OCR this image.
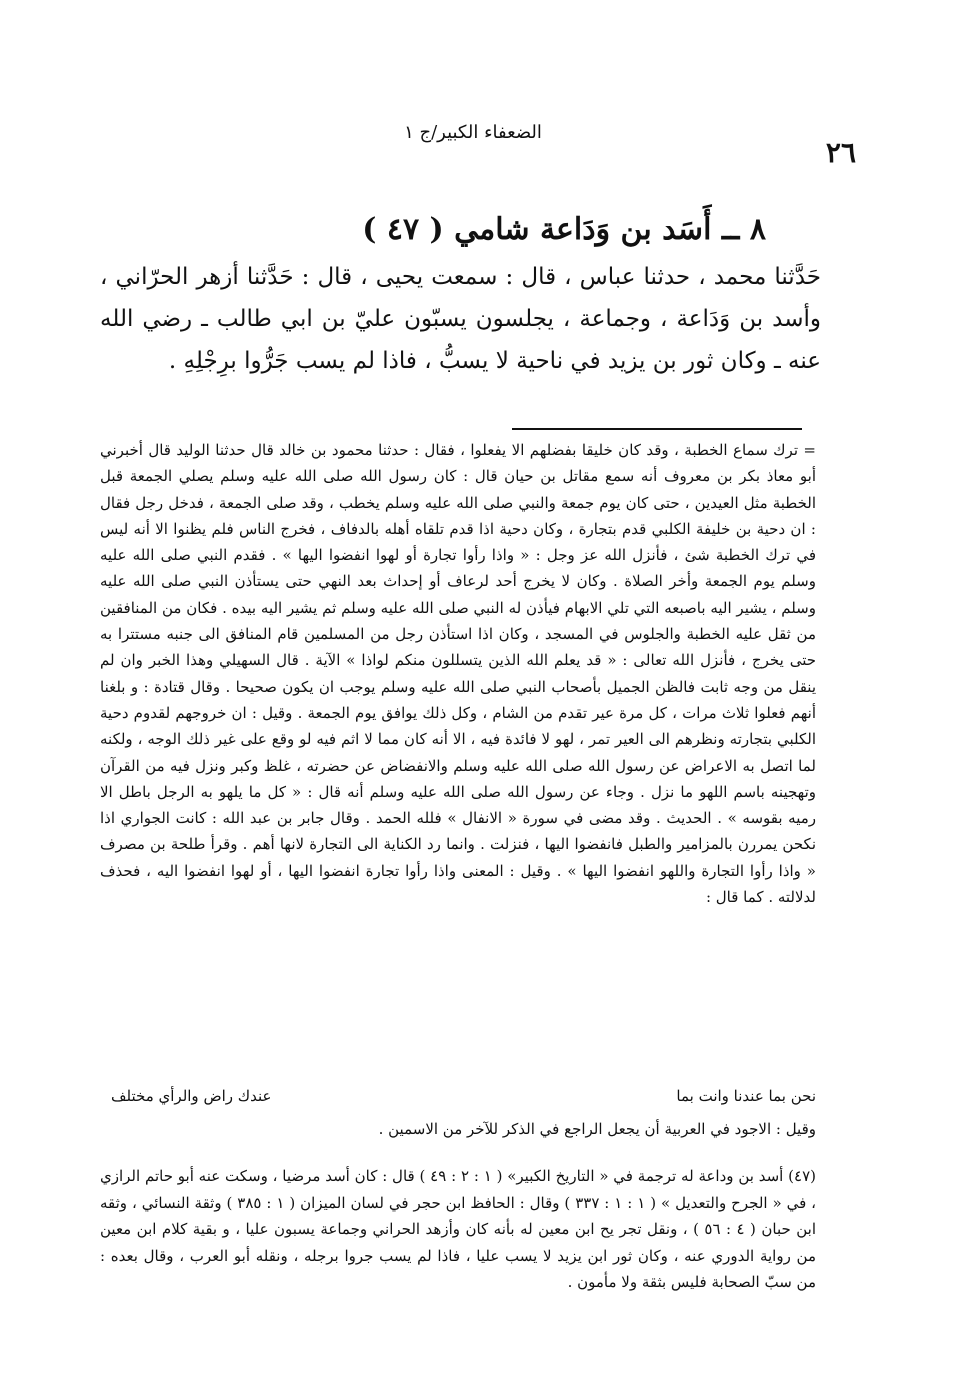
الضعفاء الكبير/ج ١
٢٦
٨ ــ أَسَد بن وَدَاعة شامي ( ٤٧ )

حَدَّثنا محمد ، حدثنا عباس ، قال : سمعت يحيى ، قال : حَدَّثنا أزهر الحرّاني ، وأسد بن وَدَاعة ، وجماعة ، يجلسون يسبّون عليّ بن ابي طالب ـ رضي الله عنه ـ وكان ثور بن يزيد في ناحية لا يسبُّ ، فاذا لم يسب جَرُّوا برِجْلِهِ .

= ترك سماع الخطبة ، وقد كان خليقا بفضلهم الا يفعلوا ، فقال : حدثنا محمود بن خالد قال حدثنا الوليد قال أخبرني أبو معاذ بكر بن معروف أنه سمع مقاتل بن حيان قال : كان رسول الله صلى الله عليه وسلم يصلي الجمعة قبل الخطبة مثل العيدين ، حتى كان يوم جمعة والنبي صلى الله عليه وسلم يخطب ، وقد صلى الجمعة ، فدخل رجل فقال : ان دحية بن خليفة الكلبي قدم بتجارة ، وكان دحية اذا قدم تلقاه أهله بالدفاف ، فخرج الناس فلم يظنوا الا أنه ليس في ترك الخطبة شئ ، فأنزل الله عز وجل : « واذا رأوا تجارة أو لهوا انفضوا اليها » . فقدم النبي صلى الله عليه وسلم يوم الجمعة وأخر الصلاة . وكان لا يخرج أحد لرعاف أو إحداث بعد النهي حتى يستأذن النبي صلى الله عليه وسلم ، يشير اليه باصبعه التي تلي الابهام فيأذن له النبي صلى الله عليه وسلم ثم يشير اليه بيده . فكان من المنافقين من ثقل عليه الخطبة والجلوس في المسجد ، وكان اذا استأذن رجل من المسلمين قام المنافق الى جنبه مستترا به حتى يخرج ، فأنزل الله تعالى : « قد يعلم الله الذين يتسللون منكم لواذا » الآية . قال السهيلي وهذا الخبر وان لم ينقل من وجه ثابت فالظن الجميل بأصحاب النبي صلى الله عليه وسلم يوجب ان يكون صحيحا . وقال قتادة : و بلغنا أنهم فعلوا ثلاث مرات ، كل مرة عير تقدم من الشام ، وكل ذلك يوافق يوم الجمعة . وقيل : ان خروجهم لقدوم دحية الكلبي بتجارته ونظرهم الى العير تمر ، لهو لا فائدة فيه ، الا أنه كان مما لا اثم فيه لو وقع على غير ذلك الوجه ، ولكنه لما اتصل به الاعراض عن رسول الله صلى الله عليه وسلم والانفضاض عن حضرته ، غلظ وكبر ونزل فيه من القرآن وتهجينه باسم اللهو ما نزل . وجاء عن رسول الله صلى الله عليه وسلم أنه قال : « كل ما يلهو به الرجل باطل الا رميه بقوسه » . الحديث . وقد مضى في سورة « الانفال » فلله الحمد . وقال جابر بن عبد الله : كانت الجواري اذا نكحن يمررن بالمزامير والطبل فانفضوا اليها ، فنزلت . وانما رد الكناية الى التجارة لانها أهم . وقرأ طلحة بن مصرف « واذا رأوا التجارة واللهو انفضوا اليها » . وقيل : المعنى واذا رأوا تجارة انفضوا اليها ، أو لهوا انفضوا اليه ، فحذف لدلالته . كما قال :

نحن بما عندنا وانت بما
عندك راض والرأي مختلف

وقيل : الاجود في العربية أن يجعل الراجع في الذكر للآخر من الاسمين .

(٤٧) أسد بن وداعة له ترجمة في « التاريخ الكبير» ( ١ : ٢ : ٤٩ ) قال : كان أسد مرضيا ، وسكت عنه أبو حاتم الرازي ، في « الجرح والتعديل » ( ١ : ١ : ٣٣٧ ) وقال : الحافظ ابن حجر في لسان الميزان ( ١ : ٣٨٥ ) وثقة النسائي ، وثقه ابن حبان ( ٤ : ٥٦ ) ، ونقل تجر يح ابن معين له بأنه كان وأزهد الحراني وجماعة يسبون عليا ، و بقية كلام ابن معين من رواية الدوري عنه ، وكان ثور ابن يزيد لا يسب عليا ، فاذا لم يسب جروا برجله ، ونقله أبو العرب ، وقال بعده : من سبّ الصحابة فليس بثقة ولا مأمون .
